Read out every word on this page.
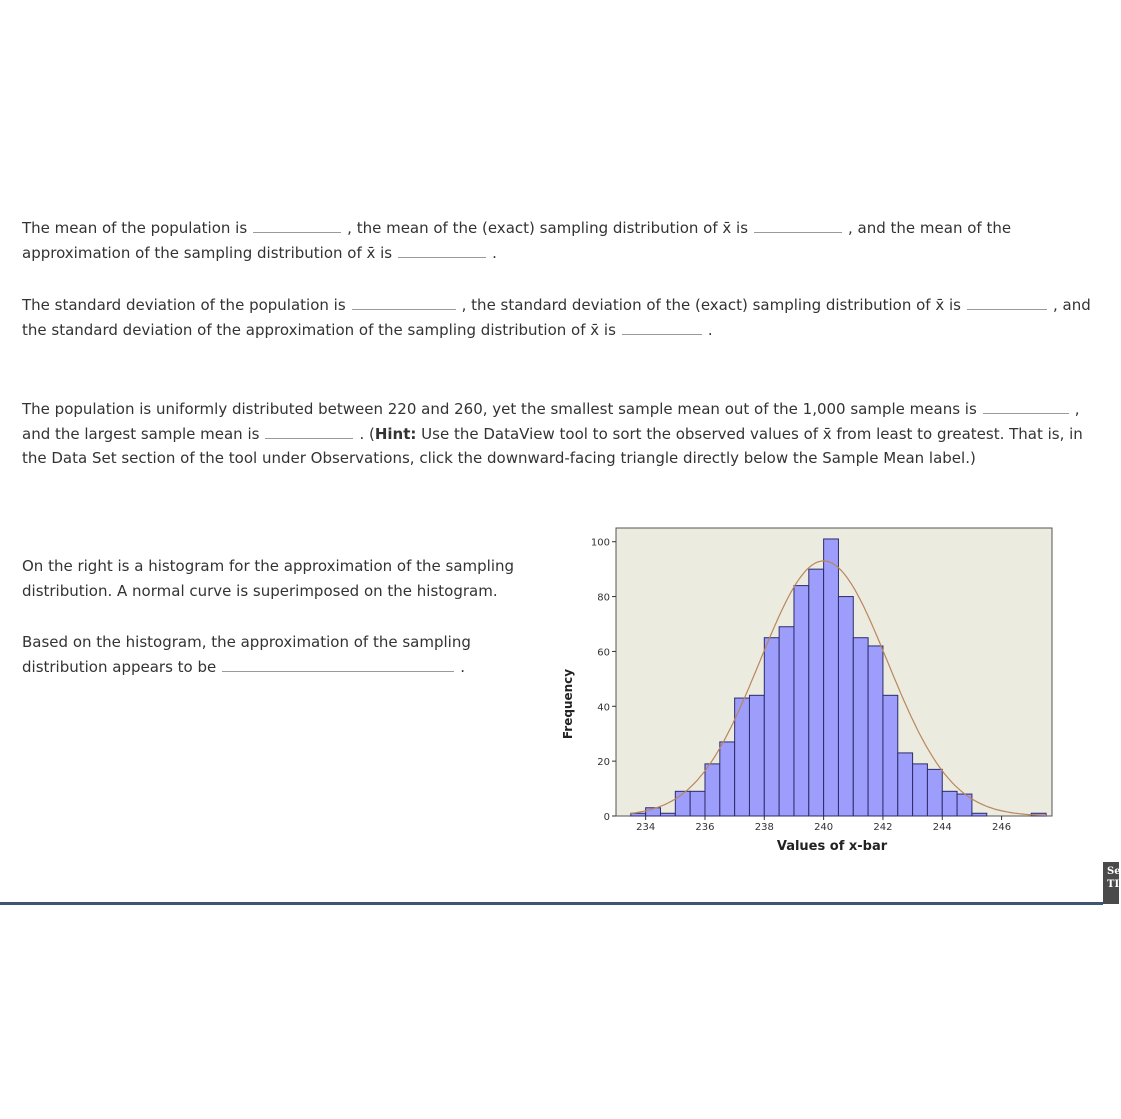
The mean of the population is	, the mean of the (exact) sampling distribution of x̄ is	, and the mean of the
approximation of the sampling distribution of x̄ is	.
The standard deviation of the population is	, the standard deviation of the (exact) sampling distribution of x̄ is	, and
the standard deviation of the approximation of the sampling distribution of x̄ is	.
The population is uniformly distributed between 220 and 260, yet the smallest sample mean out of the 1,000 sample means is	,
and the largest sample mean is	. (Hint: Use the DataView tool to sort the observed values of x̄ from least to greatest. That is, in
the Data Set section of the tool under Observations, click the downward-facing triangle directly below the Sample Mean label.)
On the right is a histogram for the approximation of the sampling
distribution. A normal curve is superimposed on the histogram.
Based on the histogram, the approximation of the sampling
distribution appears to be	.
0
20
40
60
80
100
234	236	238	240	242	244	246
Values of x-bar
Frequency
Se
TI
